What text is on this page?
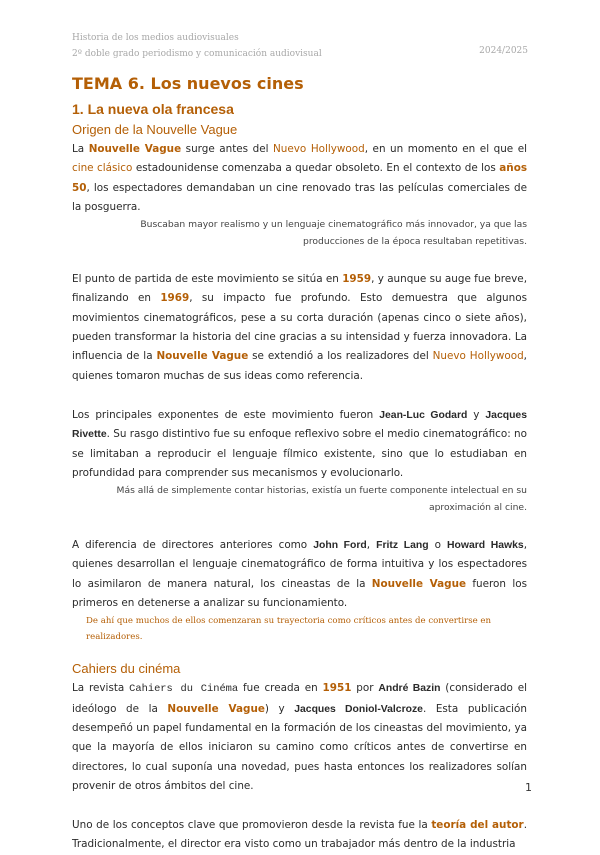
Historia de los medios audiovisuales
2º doble grado periodismo y comunicación audiovisual	2024/2025
TEMA 6. Los nuevos cines
1. La nueva ola francesa
Origen de la Nouvelle Vague
La Nouvelle Vague surge antes del Nuevo Hollywood, en un momento en el que el cine clásico estadounidense comenzaba a quedar obsoleto. En el contexto de los años 50, los espectadores demandaban un cine renovado tras las películas comerciales de la posguerra.
Buscaban mayor realismo y un lenguaje cinematográfico más innovador, ya que las producciones de la época resultaban repetitivas.
El punto de partida de este movimiento se sitúa en 1959, y aunque su auge fue breve, finalizando en 1969, su impacto fue profundo. Esto demuestra que algunos movimientos cinematográficos, pese a su corta duración (apenas cinco o siete años), pueden transformar la historia del cine gracias a su intensidad y fuerza innovadora. La influencia de la Nouvelle Vague se extendió a los realizadores del Nuevo Hollywood, quienes tomaron muchas de sus ideas como referencia.
Los principales exponentes de este movimiento fueron Jean-Luc Godard y Jacques Rivette. Su rasgo distintivo fue su enfoque reflexivo sobre el medio cinematográfico: no se limitaban a reproducir el lenguaje fílmico existente, sino que lo estudiaban en profundidad para comprender sus mecanismos y evolucionarlo.
Más allá de simplemente contar historias, existía un fuerte componente intelectual en su aproximación al cine.
A diferencia de directores anteriores como John Ford, Fritz Lang o Howard Hawks, quienes desarrollan el lenguaje cinematográfico de forma intuitiva y los espectadores lo asimilaron de manera natural, los cineastas de la Nouvelle Vague fueron los primeros en detenerse a analizar su funcionamiento.
De ahí que muchos de ellos comenzaran su trayectoria como críticos antes de convertirse en realizadores.
Cahiers du cinéma
La revista Cahiers du Cinéma fue creada en 1951 por André Bazin (considerado el ideólogo de la Nouvelle Vague) y Jacques Doniol-Valcroze. Esta publicación desempeñó un papel fundamental en la formación de los cineastas del movimiento, ya que la mayoría de ellos iniciaron su camino como críticos antes de convertirse en directores, lo cual suponía una novedad, pues hasta entonces los realizadores solían provenir de otros ámbitos del cine.
Uno de los conceptos clave que promovieron desde la revista fue la teoría del autor. Tradicionalmente, el director era visto como un trabajador más dentro de la industria
1
